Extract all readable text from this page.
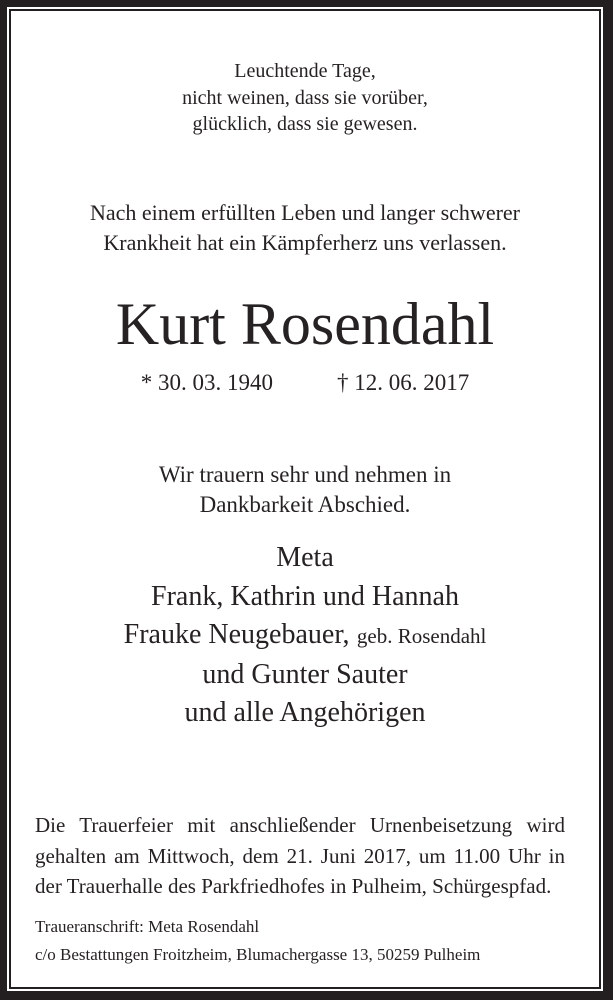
Leuchtende Tage,
nicht weinen, dass sie vorüber,
glücklich, dass sie gewesen.
Nach einem erfüllten Leben und langer schwerer
Krankheit hat ein Kämpferherz uns verlassen.
Kurt Rosendahl
* 30. 03. 1940	† 12. 06. 2017
Wir trauern sehr und nehmen in
Dankbarkeit Abschied.
Meta
Frank, Kathrin und Hannah
Frauke Neugebauer, geb. Rosendahl
und Gunter Sauter
und alle Angehörigen
Die Trauerfeier mit anschließender Urnenbeisetzung wird gehalten am Mittwoch, dem 21. Juni 2017, um 11.00 Uhr in der Trauerhalle des Parkfriedhofes in Pulheim, Schürgespfad.
Traueranschrift: Meta Rosendahl
c/o Bestattungen Froitzheim, Blumachergasse 13, 50259 Pulheim
